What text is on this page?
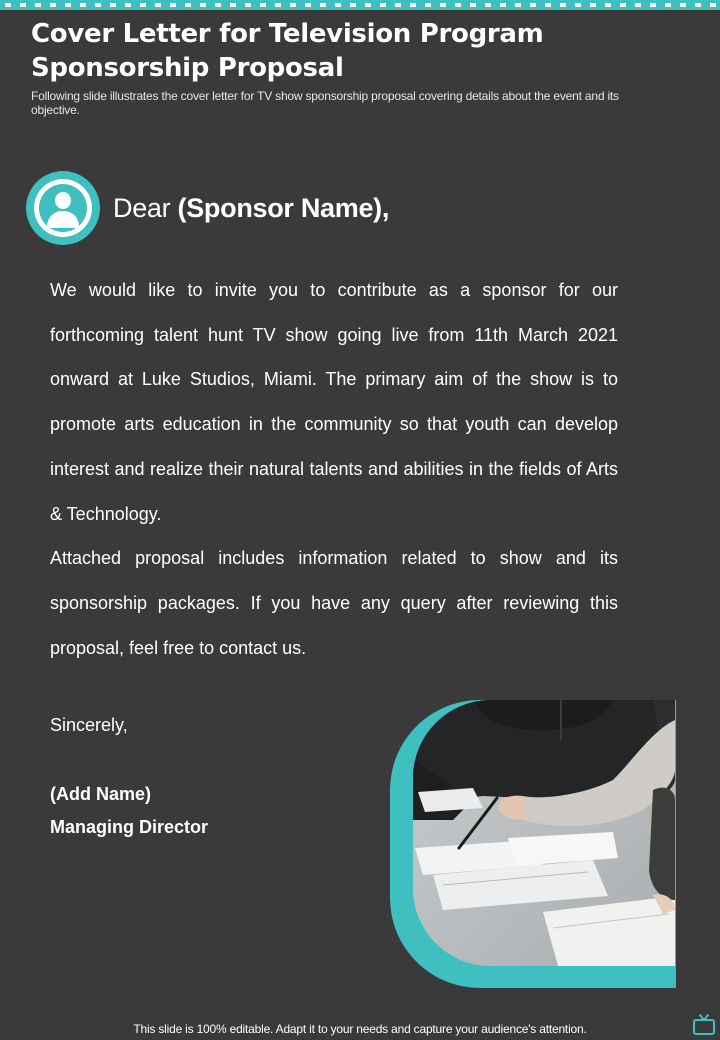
Cover Letter for Television Program Sponsorship Proposal
Following slide illustrates the cover letter for TV show sponsorship proposal covering details about the event and its objective.
Dear (Sponsor Name),

We would like to invite you to contribute as a sponsor for our forthcoming talent hunt TV show going live from 11th March 2021 onward at Luke Studios, Miami. The primary aim of the show is to promote arts education in the community so that youth can develop interest and realize their natural talents and abilities in the fields of Arts & Technology.

Attached proposal includes information related to show and its sponsorship packages. If you have any query after reviewing this proposal, feel free to contact us.

Sincerely,
(Add Name)
Managing Director
This slide is 100% editable. Adapt it to your needs and capture your audience's attention.
